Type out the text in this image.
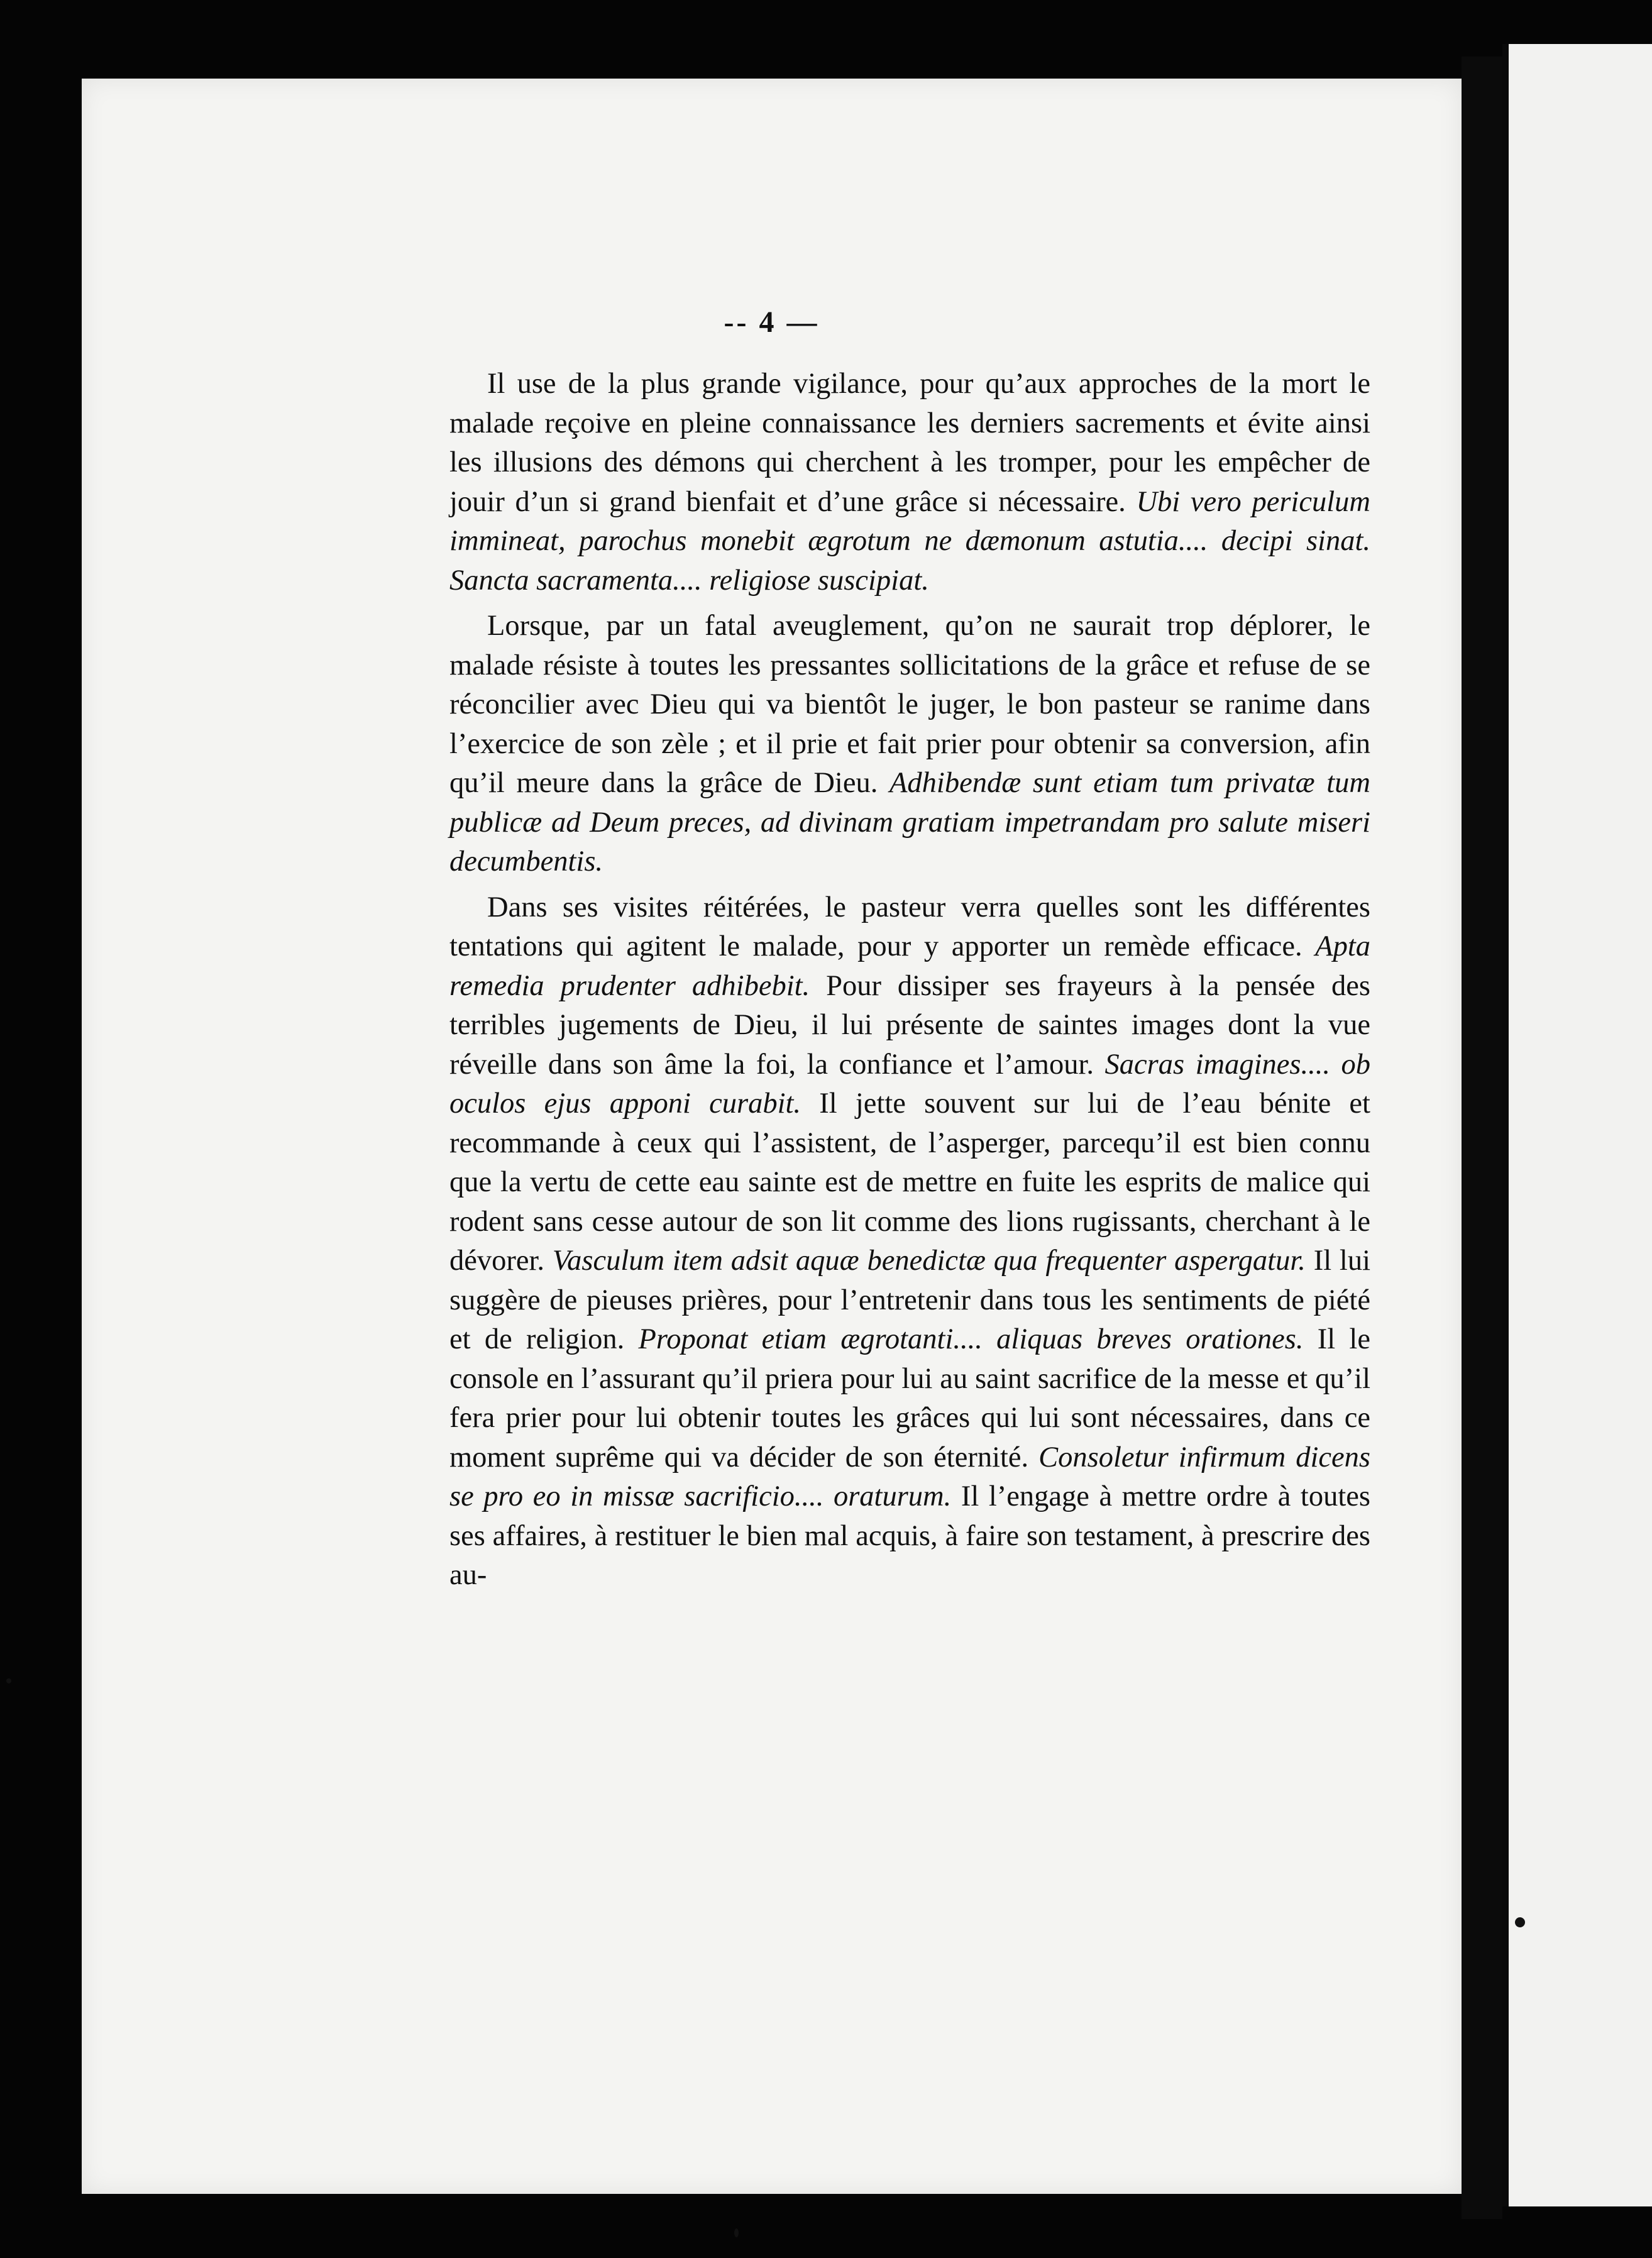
-- 4 —

Il use de la plus grande vigilance, pour qu’aux approches de la mort le malade reçoive en pleine connaissance les derniers sacrements et évite ainsi les illusions des démons qui cherchent à les tromper, pour les empêcher de jouir d’un si grand bienfait et d’une grâce si nécessaire. Ubi vero periculum immineat, parochus monebit ægrotum ne dæmonum astutia.... decipi sinat. Sancta sacramenta.... religiose suscipiat.

Lorsque, par un fatal aveuglement, qu’on ne saurait trop déplorer, le malade résiste à toutes les pressantes sollicitations de la grâce et refuse de se réconcilier avec Dieu qui va bientôt le juger, le bon pasteur se ranime dans l’exercice de son zèle ; et il prie et fait prier pour obtenir sa conversion, afin qu’il meure dans la grâce de Dieu. Adhibendæ sunt etiam tum privatæ tum publicæ ad Deum preces, ad divinam gratiam impetrandam pro salute miseri decumbentis.

Dans ses visites réitérées, le pasteur verra quelles sont les différentes tentations qui agitent le malade, pour y apporter un remède efficace. Apta remedia prudenter adhibebit. Pour dissiper ses frayeurs à la pensée des terribles jugements de Dieu, il lui présente de saintes images dont la vue réveille dans son âme la foi, la confiance et l’amour. Sacras imagines.... ob oculos ejus apponi curabit. Il jette souvent sur lui de l’eau bénite et recommande à ceux qui l’assistent, de l’asperger, parcequ’il est bien connu que la vertu de cette eau sainte est de mettre en fuite les esprits de malice qui rodent sans cesse autour de son lit comme des lions rugissants, cherchant à le dévorer. Vasculum item adsit aquæ benedictæ qua frequenter aspergatur. Il lui suggère de pieuses prières, pour l’entretenir dans tous les sentiments de piété et de religion. Proponat etiam ægrotanti.... aliquas breves orationes. Il le console en l’assurant qu’il priera pour lui au saint sacrifice de la messe et qu’il fera prier pour lui obtenir toutes les grâces qui lui sont nécessaires, dans ce moment suprême qui va décider de son éternité. Consoletur infirmum dicens se pro eo in missæ sacrificio.... oraturum. Il l’engage à mettre ordre à toutes ses affaires, à restituer le bien mal acquis, à faire son testament, à prescrire des au-
